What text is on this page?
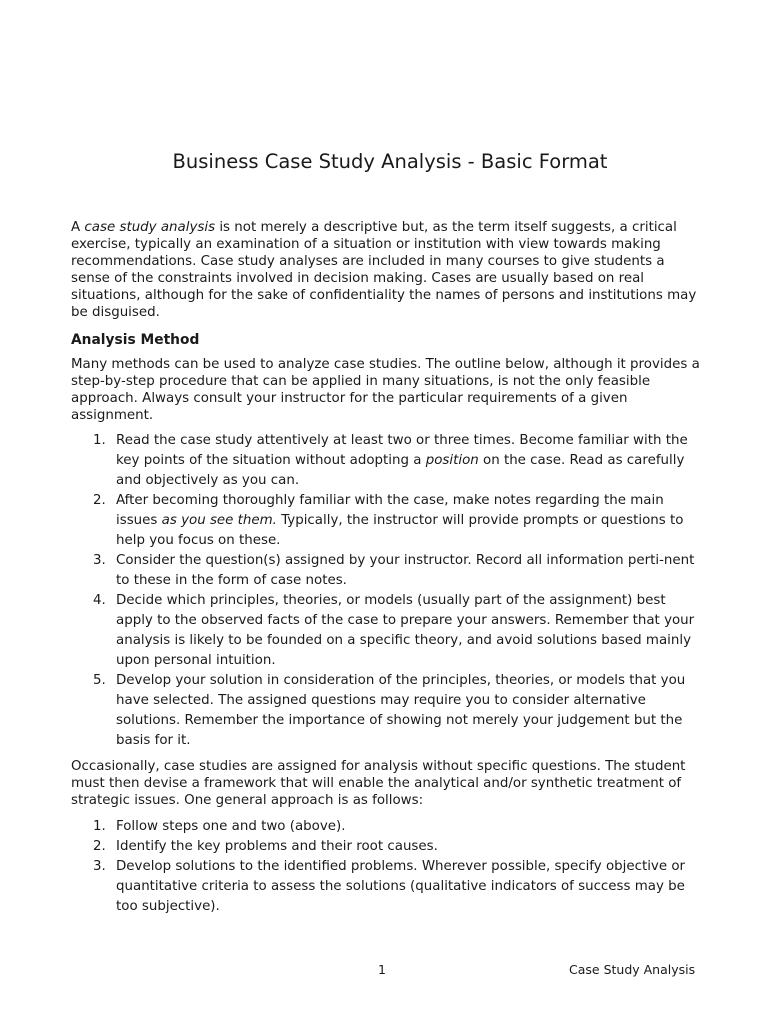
Business Case Study Analysis - Basic Format

A case study analysis is not merely a descriptive but, as the term itself suggests, a critical exercise, typically an examination of a situation or institution with view towards making recommendations. Case study analyses are included in many courses to give students a sense of the constraints involved in decision making. Cases are usually based on real situations, although for the sake of confidentiality the names of persons and institutions may be disguised.

Analysis Method

Many methods can be used to analyze case studies. The outline below, although it provides a step-by-step procedure that can be applied in many situations, is not the only feasible approach. Always consult your instructor for the particular requirements of a given assignment.

1. Read the case study attentively at least two or three times. Become familiar with the key points of the situation without adopting a position on the case. Read as carefully and objectively as you can.
2. After becoming thoroughly familiar with the case, make notes regarding the main issues as you see them. Typically, the instructor will provide prompts or questions to help you focus on these.
3. Consider the question(s) assigned by your instructor. Record all information perti-nent to these in the form of case notes.
4. Decide which principles, theories, or models (usually part of the assignment) best apply to the observed facts of the case to prepare your answers. Remember that your analysis is likely to be founded on a specific theory, and avoid solutions based mainly upon personal intuition.
5. Develop your solution in consideration of the principles, theories, or models that you have selected. The assigned questions may require you to consider alternative solutions. Remember the importance of showing not merely your judgement but the basis for it.

Occasionally, case studies are assigned for analysis without specific questions. The student must then devise a framework that will enable the analytical and/or synthetic treatment of strategic issues. One general approach is as follows:

1. Follow steps one and two (above).
2. Identify the key problems and their root causes.
3. Develop solutions to the identified problems. Wherever possible, specify objective or quantitative criteria to assess the solutions (qualitative indicators of success may be too subjective).
1	Case Study Analysis
